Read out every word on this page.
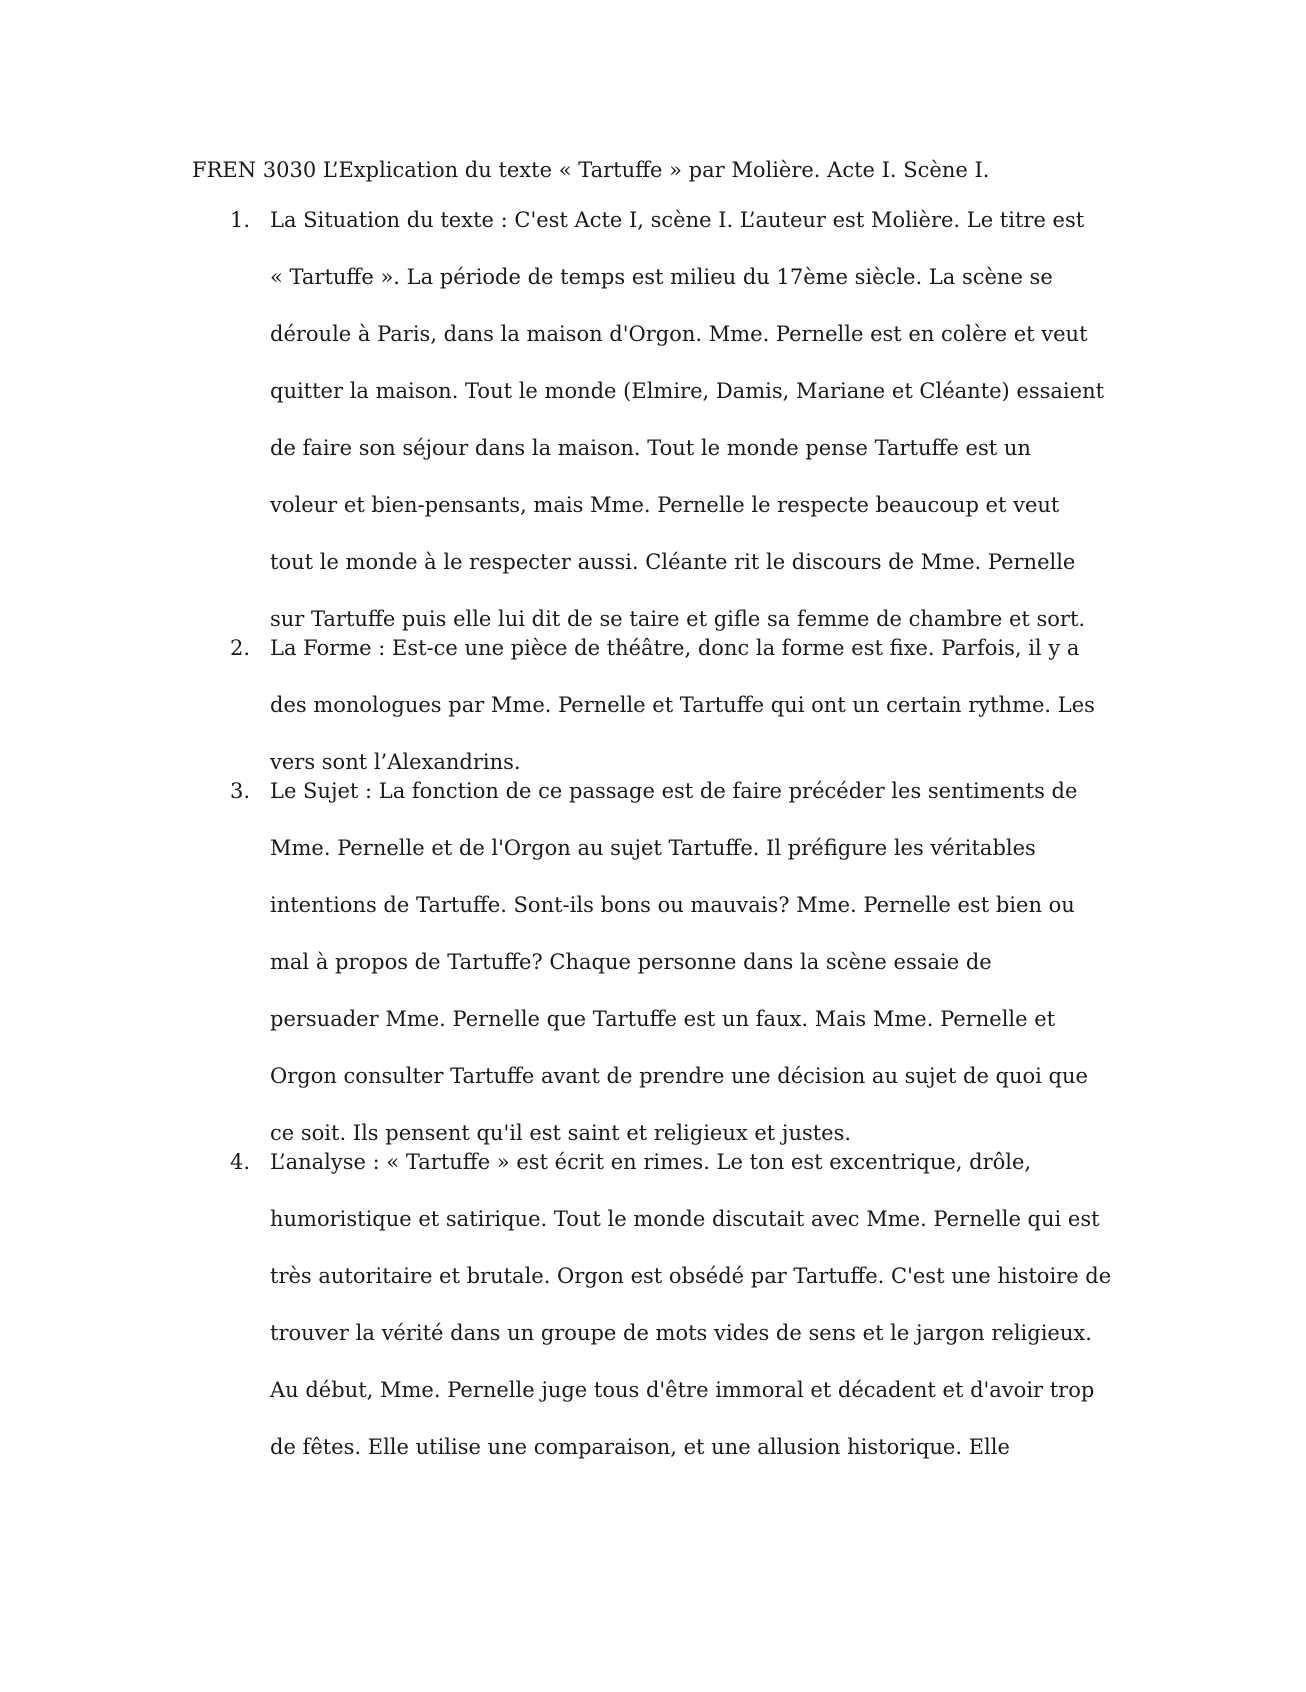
FREN 3030 L’Explication du texte « Tartuffe » par Molière. Acte I. Scène I.
1. La Situation du texte : C'est Acte I, scène I. L’auteur est Molière. Le titre est
« Tartuffe ». La période de temps est milieu du 17ème siècle. La scène se
déroule à Paris, dans la maison d'Orgon. Mme. Pernelle est en colère et veut
quitter la maison. Tout le monde (Elmire, Damis, Mariane et Cléante) essaient
de faire son séjour dans la maison. Tout le monde pense Tartuffe est un
voleur et bien-pensants, mais Mme. Pernelle le respecte beaucoup et veut
tout le monde à le respecter aussi. Cléante rit le discours de Mme. Pernelle
sur Tartuffe puis elle lui dit de se taire et gifle sa femme de chambre et sort.
2. La Forme : Est-ce une pièce de théâtre, donc la forme est fixe. Parfois, il y a
des monologues par Mme. Pernelle et Tartuffe qui ont un certain rythme. Les
vers sont l’Alexandrins.
3. Le Sujet : La fonction de ce passage est de faire précéder les sentiments de
Mme. Pernelle et de l'Orgon au sujet Tartuffe. Il préfigure les véritables
intentions de Tartuffe. Sont-ils bons ou mauvais? Mme. Pernelle est bien ou
mal à propos de Tartuffe? Chaque personne dans la scène essaie de
persuader Mme. Pernelle que Tartuffe est un faux. Mais Mme. Pernelle et
Orgon consulter Tartuffe avant de prendre une décision au sujet de quoi que
ce soit. Ils pensent qu'il est saint et religieux et justes.
4. L’analyse : « Tartuffe » est écrit en rimes. Le ton est excentrique, drôle,
humoristique et satirique. Tout le monde discutait avec Mme. Pernelle qui est
très autoritaire et brutale. Orgon est obsédé par Tartuffe. C'est une histoire de
trouver la vérité dans un groupe de mots vides de sens et le jargon religieux.
Au début, Mme. Pernelle juge tous d'être immoral et décadent et d'avoir trop
de fêtes. Elle utilise une comparaison, et une allusion historique. Elle
